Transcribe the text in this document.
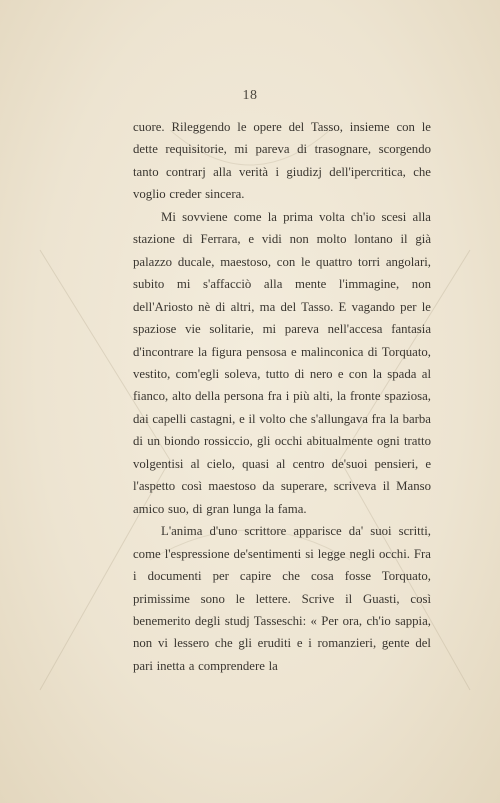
18

cuore. Rileggendo le opere del Tasso, insieme con le dette requisitorie, mi pareva di trasognare, scorgendo tanto contrarj alla verità i giudizj dell'ipercritica, che voglio creder sincera.

Mi sovviene come la prima volta ch'io scesi alla stazione di Ferrara, e vidi non molto lontano il già palazzo ducale, maestoso, con le quattro torri angolari, subito mi s'affacciò alla mente l'immagine, non dell'Ariosto nè di altri, ma del Tasso. E vagando per le spaziose vie solitarie, mi pareva nell'accesa fantasia d'incontrare la figura pensosa e malinconica di Torquato, vestito, com'egli soleva, tutto di nero e con la spada al fianco, alto della persona fra i più alti, la fronte spaziosa, dai capelli castagni, e il volto che s'allungava fra la barba di un biondo rossiccio, gli occhi abitualmente ogni tratto volgentisi al cielo, quasi al centro de'suoi pensieri, e l'aspetto così maestoso da superare, scriveva il Manso amico suo, di gran lunga la fama.

L'anima d'uno scrittore apparisce da' suoi scritti, come l'espressione de'sentimenti si legge negli occhi. Fra i documenti per capire che cosa fosse Torquato, primissime sono le lettere. Scrive il Guasti, così benemerito degli studj Tasseschi: « Per ora, ch'io sappia, non vi lessero che gli eruditi e i romanzieri, gente del pari inetta a comprendere la
